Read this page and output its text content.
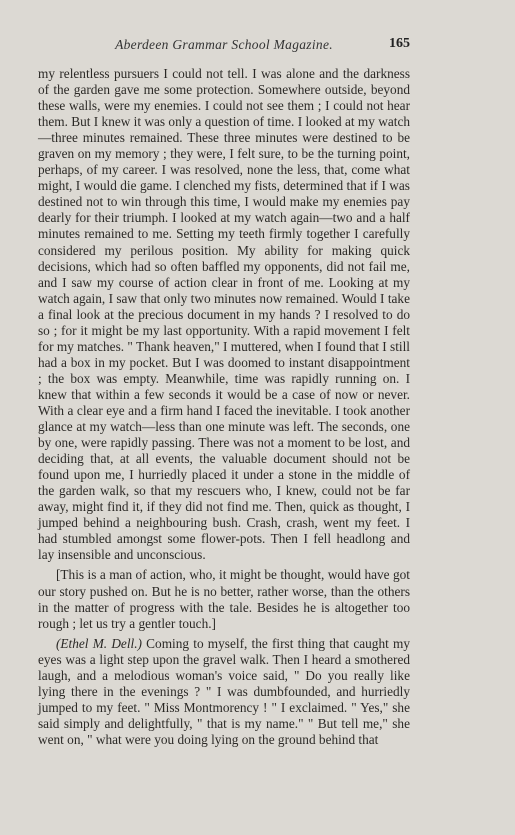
Aberdeen Grammar School Magazine.	165

my relentless pursuers I could not tell. I was alone and the darkness of the garden gave me some protection. Somewhere outside, beyond these walls, were my enemies. I could not see them ; I could not hear them. But I knew it was only a question of time. I looked at my watch—three minutes remained. These three minutes were destined to be graven on my memory ; they were, I felt sure, to be the turning point, perhaps, of my career. I was resolved, none the less, that, come what might, I would die game. I clenched my fists, determined that if I was destined not to win through this time, I would make my enemies pay dearly for their triumph. I looked at my watch again—two and a half minutes remained to me. Setting my teeth firmly together I carefully considered my perilous position. My ability for making quick decisions, which had so often baffled my opponents, did not fail me, and I saw my course of action clear in front of me. Looking at my watch again, I saw that only two minutes now remained. Would I take a final look at the precious document in my hands ? I resolved to do so ; for it might be my last opportunity. With a rapid movement I felt for my matches. " Thank heaven," I muttered, when I found that I still had a box in my pocket. But I was doomed to instant disappointment ; the box was empty. Meanwhile, time was rapidly running on. I knew that within a few seconds it would be a case of now or never. With a clear eye and a firm hand I faced the inevitable. I took another glance at my watch—less than one minute was left. The seconds, one by one, were rapidly passing. There was not a moment to be lost, and deciding that, at all events, the valuable document should not be found upon me, I hurriedly placed it under a stone in the middle of the garden walk, so that my rescuers who, I knew, could not be far away, might find it, if they did not find me. Then, quick as thought, I jumped behind a neighbouring bush. Crash, crash, went my feet. I had stumbled amongst some flower-pots. Then I fell headlong and lay insensible and unconscious.

[This is a man of action, who, it might be thought, would have got our story pushed on. But he is no better, rather worse, than the others in the matter of progress with the tale. Besides he is altogether too rough ; let us try a gentler touch.]

(Ethel M. Dell.) Coming to myself, the first thing that caught my eyes was a light step upon the gravel walk. Then I heard a smothered laugh, and a melodious woman's voice said, " Do you really like lying there in the evenings ? " I was dumbfounded, and hurriedly jumped to my feet. " Miss Montmorency ! " I exclaimed. " Yes," she said simply and delightfully, " that is my name." " But tell me," she went on, " what were you doing lying on the ground behind that
